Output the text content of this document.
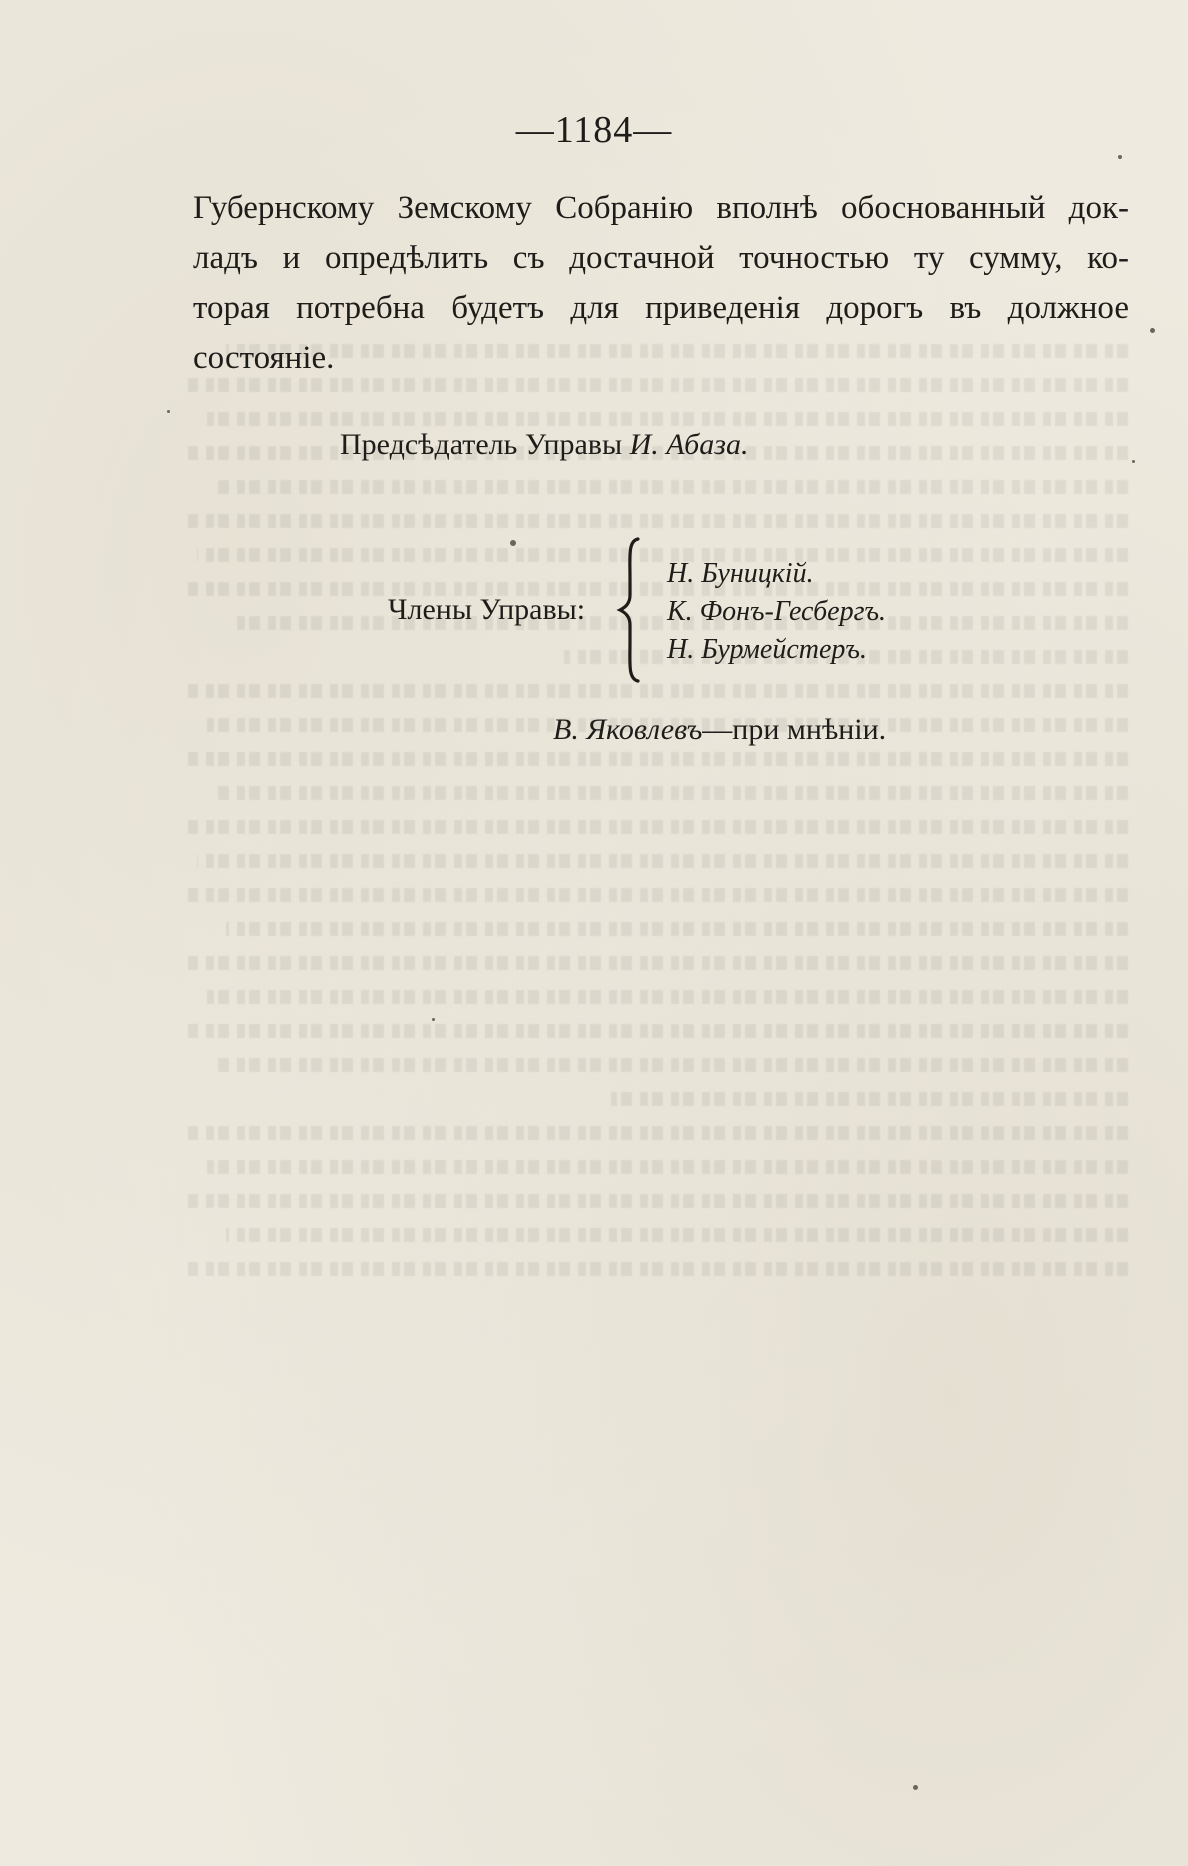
—1184—
Губернскому Земскому Собранію вполнѣ обоснованный док-
ладъ и опредѣлить съ достачной точностью ту сумму, ко-
торая потребна будетъ для приведенія дорогъ въ должное
состояніе.
Предсѣдатель Управы И. Абаза.
Члены Управы:
Н. Буницкій.
К. Фонъ-Гесбергъ.
Н. Бурмейстеръ.
В. Яковлевъ—при мнѣніи.
